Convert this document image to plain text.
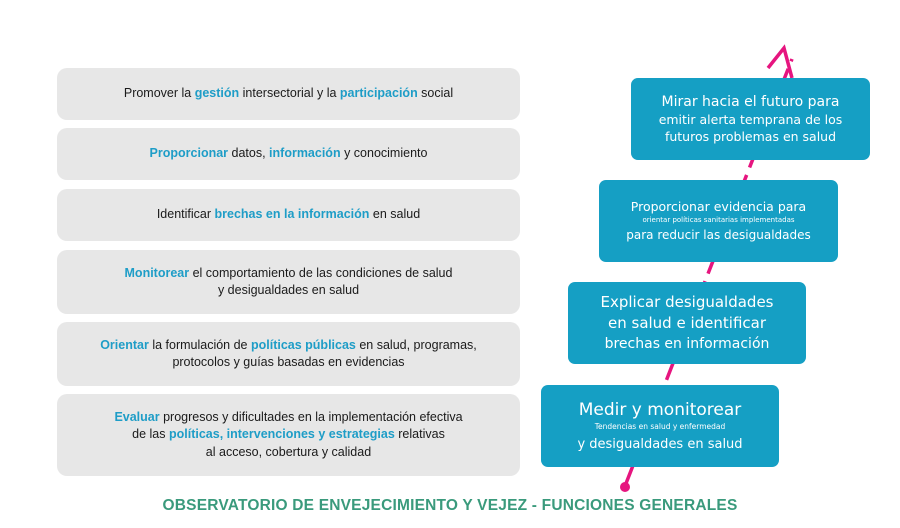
Promover la gestión intersectorial y la participación social
Proporcionar datos, información y conocimiento
Identificar brechas en la información en salud
Monitorear el comportamiento de las condiciones de salud
y desigualdades en salud
Orientar la formulación de políticas públicas en salud, programas,
protocolos y guías basadas en evidencias
Evaluar progresos y dificultades en la implementación efectiva
de las políticas, intervenciones y estrategias relativas
al acceso, cobertura y calidad
Mirar hacia el futuro para
emitir alerta temprana de los
futuros problemas en salud
Proporcionar evidencia para
orientar políticas sanitarias implementadas
para reducir las desigualdades
Explicar desigualdades
en salud e identificar
brechas en información
Medir y monitorear
Tendencias en salud y enfermedad
y desigualdades en salud
OBSERVATORIO DE ENVEJECIMIENTO Y VEJEZ - FUNCIONES GENERALES
